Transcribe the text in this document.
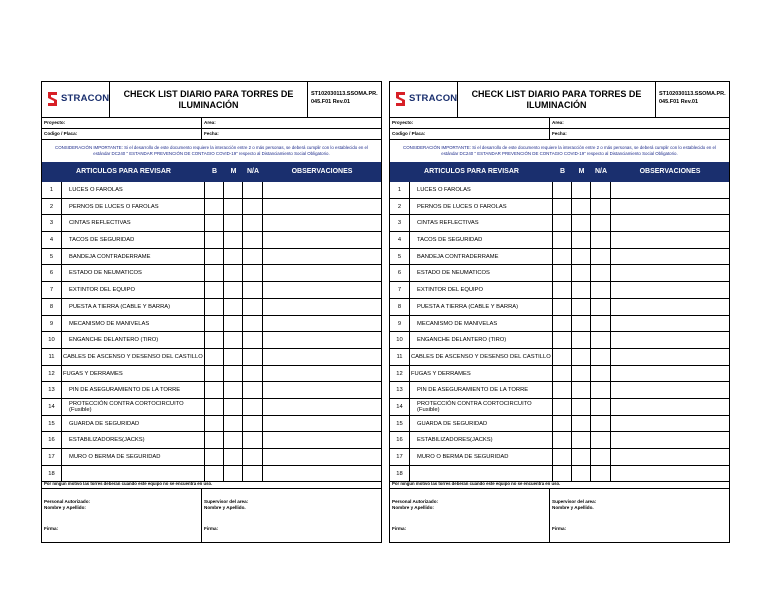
STRACON CHECK LIST DIARIO PARA TORRES DE ILUMINACIÓN
ST102030113.SSOMA.PR.045.F01 Rev.01
Proyecto:	Area:
Codigo / Placa:	Fecha:
CONSIDERACIÓN IMPORTANTE: Si el desarrollo de este documento requiere la interacción entre 2 o más personas, se deberá cumplir con lo establecido en el estándar DC240 " ESTANDAR PREVENCIÓN DE CONTAGIO COVID-19" respecto al Distanciamiento Social Obligatorio.
ARTICULOS PARA REVISAR	B	M	N/A	OBSERVACIONES
1	LUCES O FAROLAS
2	PERNOS DE LUCES O FAROLAS
3	CINTAS REFLECTIVAS
4	TACOS DE SEGURIDAD
5	BANDEJA CONTRADERRAME
6	ESTADO DE NEUMATICOS
7	EXTINTOR DEL EQUIPO
8	PUESTA A TIERRA (CABLE Y BARRA)
9	MECANISMO DE MANIVELAS
10	ENGANCHE DELANTERO (TIRO)
11	CABLES DE ASCENSO Y DESENSO DEL CASTILLO
12	FUGAS Y DERRAMES
13	PIN DE ASEGURAMIENTO DE LA TORRE
14	PROTECCIÓN CONTRA CORTOCIRCUITO (Fusible)
15	GUARDA DE SEGURIDAD
16	ESTABILIZADORES(JACKS)
17	MURO O BERMA DE SEGURIDAD
18
Por ningun motivo las torres deberan cuando este equipo no se encuentra en uso.
Personal Autorizado:
Nombre y Apellido:
Firma:
Supervisor del area:
Nombre y Apellido.
Firma:
STRACON CHECK LIST DIARIO PARA TORRES DE ILUMINACIÓN
ST102030113.SSOMA.PR.045.F01 Rev.01
Proyecto:	Area:
Codigo / Placa:	Fecha:
CONSIDERACIÓN IMPORTANTE: Si el desarrollo de este documento requiere la interacción entre 2 o más personas, se deberá cumplir con lo establecido en el estándar DC240 " ESTANDAR PREVENCIÓN DE CONTAGIO COVID-19" respecto al Distanciamiento Social Obligatorio.
ARTICULOS PARA REVISAR	B	M	N/A	OBSERVACIONES
1	LUCES O FAROLAS
2	PERNOS DE LUCES O FAROLAS
3	CINTAS REFLECTIVAS
4	TACOS DE SEGURIDAD
5	BANDEJA CONTRADERRAME
6	ESTADO DE NEUMATICOS
7	EXTINTOR DEL EQUIPO
8	PUESTA A TIERRA (CABLE Y BARRA)
9	MECANISMO DE MANIVELAS
10	ENGANCHE DELANTERO (TIRO)
11	CABLES DE ASCENSO Y DESENSO DEL CASTILLO
12	FUGAS Y DERRAMES
13	PIN DE ASEGURAMIENTO DE LA TORRE
14	PROTECCIÓN CONTRA CORTOCIRCUITO (Fusible)
15	GUARDA DE SEGURIDAD
16	ESTABILIZADORES(JACKS)
17	MURO O BERMA DE SEGURIDAD
18
Por ningun motivo las torres deberan cuando este equipo no se encuentra en uso.
Personal Autorizado:
Nombre y Apellido:
Firma:
Supervisor del area:
Nombre y Apellido.
Firma:
